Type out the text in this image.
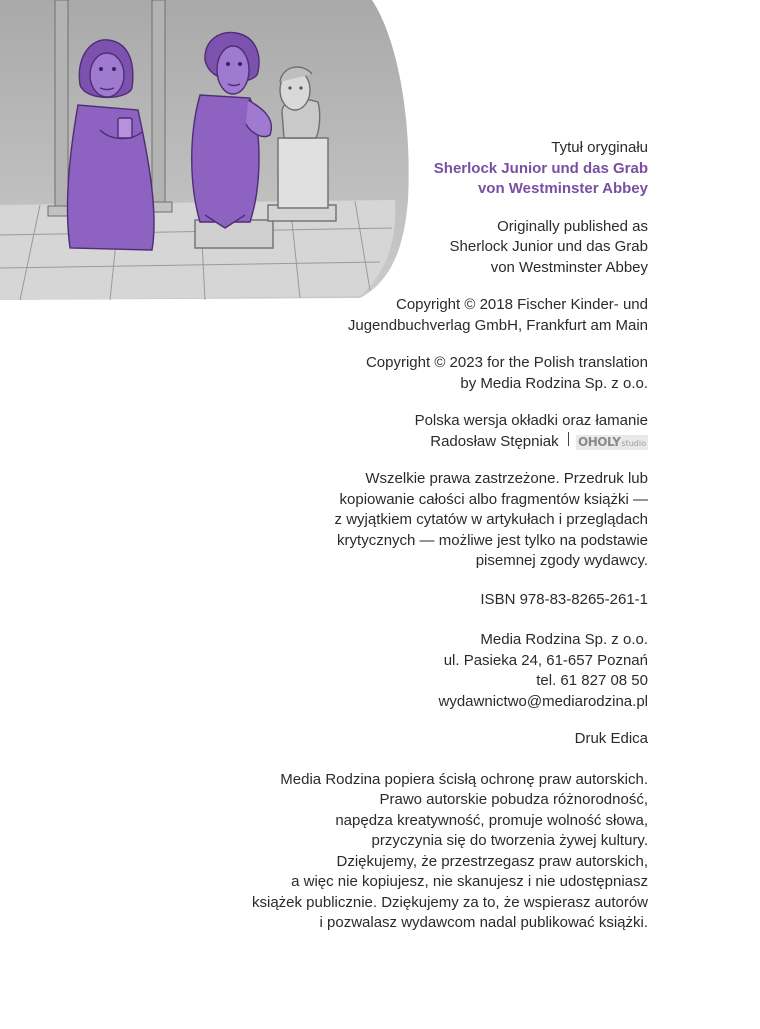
Tytuł oryginału
Sherlock Junior und das Grab
von Westminster Abbey
Originally published as
Sherlock Junior und das Grab
von Westminster Abbey
Copyright © 2018 Fischer Kinder- und
Jugendbuchverlag GmbH, Frankfurt am Main
Copyright © 2023 for the Polish translation
by Media Rodzina Sp. z o.o.
Polska wersja okładki oraz łamanie
Radosław Stępniak OHOLY studio
Wszelkie prawa zastrzeżone. Przedruk lub
kopiowanie całości albo fragmentów książki —
z wyjątkiem cytatów w artykułach i przeglądach
krytycznych — możliwe jest tylko na podstawie
pisemnej zgody wydawcy.
ISBN 978-83-8265-261-1
Media Rodzina Sp. z o.o.
ul. Pasieka 24, 61-657 Poznań
tel. 61 827 08 50
wydawnictwo@mediarodzina.pl
Druk Edica
Media Rodzina popiera ścisłą ochronę praw autorskich.
Prawo autorskie pobudza różnorodność,
napędza kreatywność, promuje wolność słowa,
przyczynia się do tworzenia żywej kultury.
Dziękujemy, że przestrzegasz praw autorskich,
a więc nie kopiujesz, nie skanujesz i nie udostępniasz
książek publicznie. Dziękujemy za to, że wspierasz autorów
i pozwalasz wydawcom nadal publikować książki.
